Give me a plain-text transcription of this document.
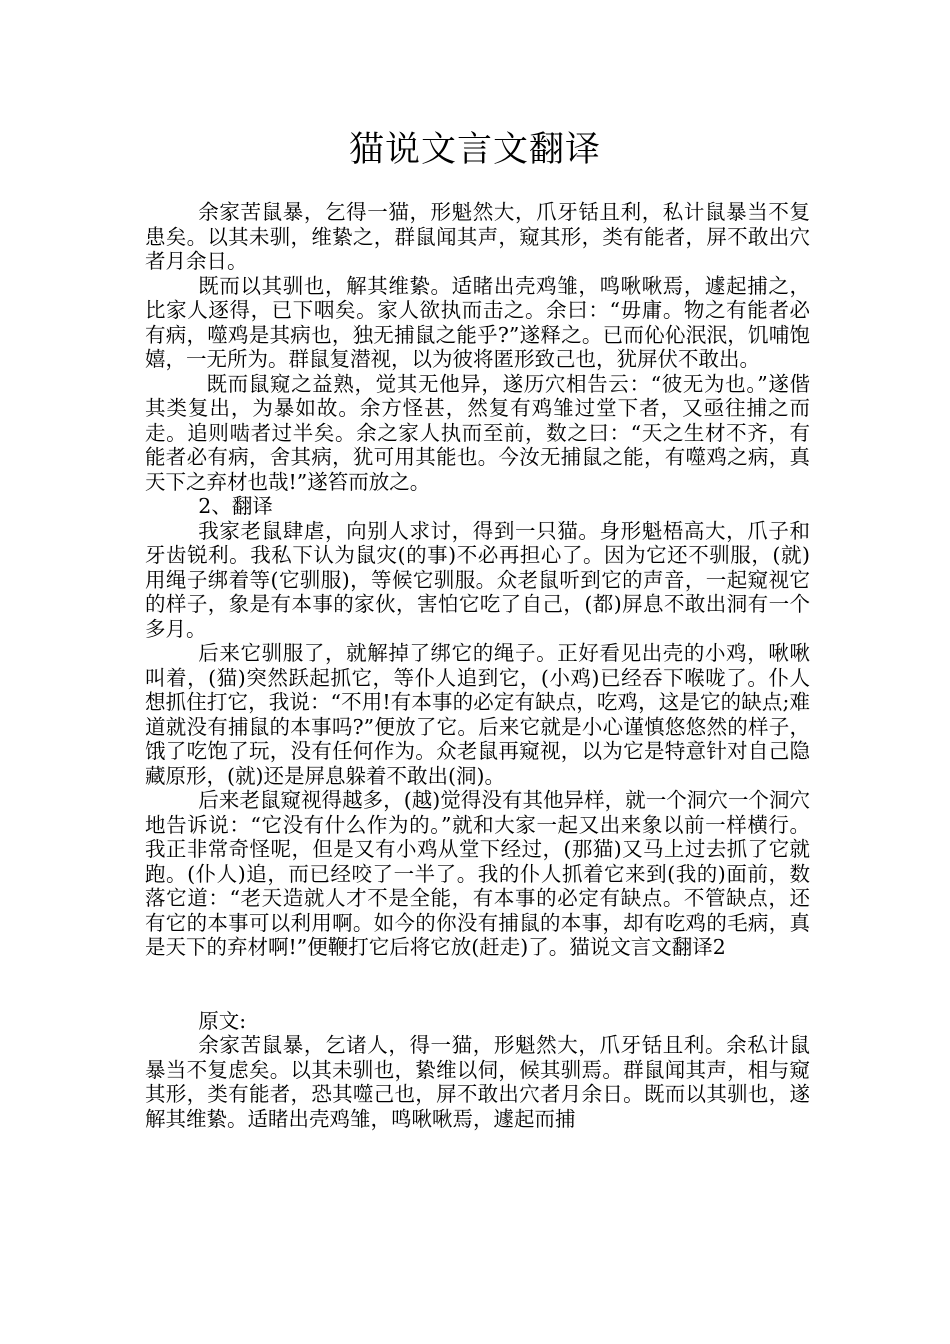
猫说文言文翻译

余家苦鼠暴，乞得一猫，形魁然大，爪牙铦且利，私计鼠暴当不复患矣。以其未驯，维絷之，群鼠闻其声，窥其形，类有能者，屏不敢出穴者月余日。

既而以其驯也，解其维絷。适睹出壳鸡雏，鸣啾啾焉，遽起捕之，比家人逐得，已下咽矣。家人欲执而击之。余曰：“毋庸。物之有能者必有病，噬鸡是其病也，独无捕鼠之能乎?”遂释之。已而伈伈泯泯，饥哺饱嬉，一无所为。群鼠复潜视，以为彼将匿形致己也，犹屏伏不敢出。

既而鼠窥之益熟，觉其无他异，遂历穴相告云：“彼无为也。”遂偕其类复出，为暴如故。余方怪甚，然复有鸡雏过堂下者，又亟往捕之而走。追则啮者过半矣。余之家人执而至前，数之曰：“天之生材不齐，有能者必有病，舍其病，犹可用其能也。今汝无捕鼠之能，有噬鸡之病，真天下之弃材也哉!”遂笞而放之。

2、翻译

我家老鼠肆虐，向别人求讨，得到一只猫。身形魁梧高大，爪子和牙齿锐利。我私下认为鼠灾(的事)不必再担心了。因为它还不驯服，(就)用绳子绑着等(它驯服)，等候它驯服。众老鼠听到它的声音，一起窥视它的样子，象是有本事的家伙，害怕它吃了自己，(都)屏息不敢出洞有一个多月。

后来它驯服了，就解掉了绑它的绳子。正好看见出壳的小鸡，啾啾叫着，(猫)突然跃起抓它，等仆人追到它，(小鸡)已经吞下喉咙了。仆人想抓住打它，我说：“不用!有本事的必定有缺点，吃鸡，这是它的缺点;难道就没有捕鼠的本事吗?”便放了它。后来它就是小心谨慎悠悠然的样子，饿了吃饱了玩，没有任何作为。众老鼠再窥视，以为它是特意针对自己隐藏原形，(就)还是屏息躲着不敢出(洞)。

后来老鼠窥视得越多，(越)觉得没有其他异样，就一个洞穴一个洞穴地告诉说：“它没有什么作为的。”就和大家一起又出来象以前一样横行。我正非常奇怪呢，但是又有小鸡从堂下经过，(那猫)又马上过去抓了它就跑。(仆人)追，而已经咬了一半了。我的仆人抓着它来到(我的)面前，数落它道：“老天造就人才不是全能，有本事的必定有缺点。不管缺点，还有它的本事可以利用啊。如今的你没有捕鼠的本事，却有吃鸡的毛病，真是天下的弃材啊!”便鞭打它后将它放(赶走)了。猫说文言文翻译2

原文:

余家苦鼠暴，乞诸人，得一猫，形魁然大，爪牙铦且利。余私计鼠暴当不复虑矣。以其未驯也，絷维以伺，候其驯焉。群鼠闻其声，相与窥其形，类有能者，恐其噬己也，屏不敢出穴者月余日。既而以其驯也，遂解其维絷。适睹出壳鸡雏，鸣啾啾焉，遽起而捕
